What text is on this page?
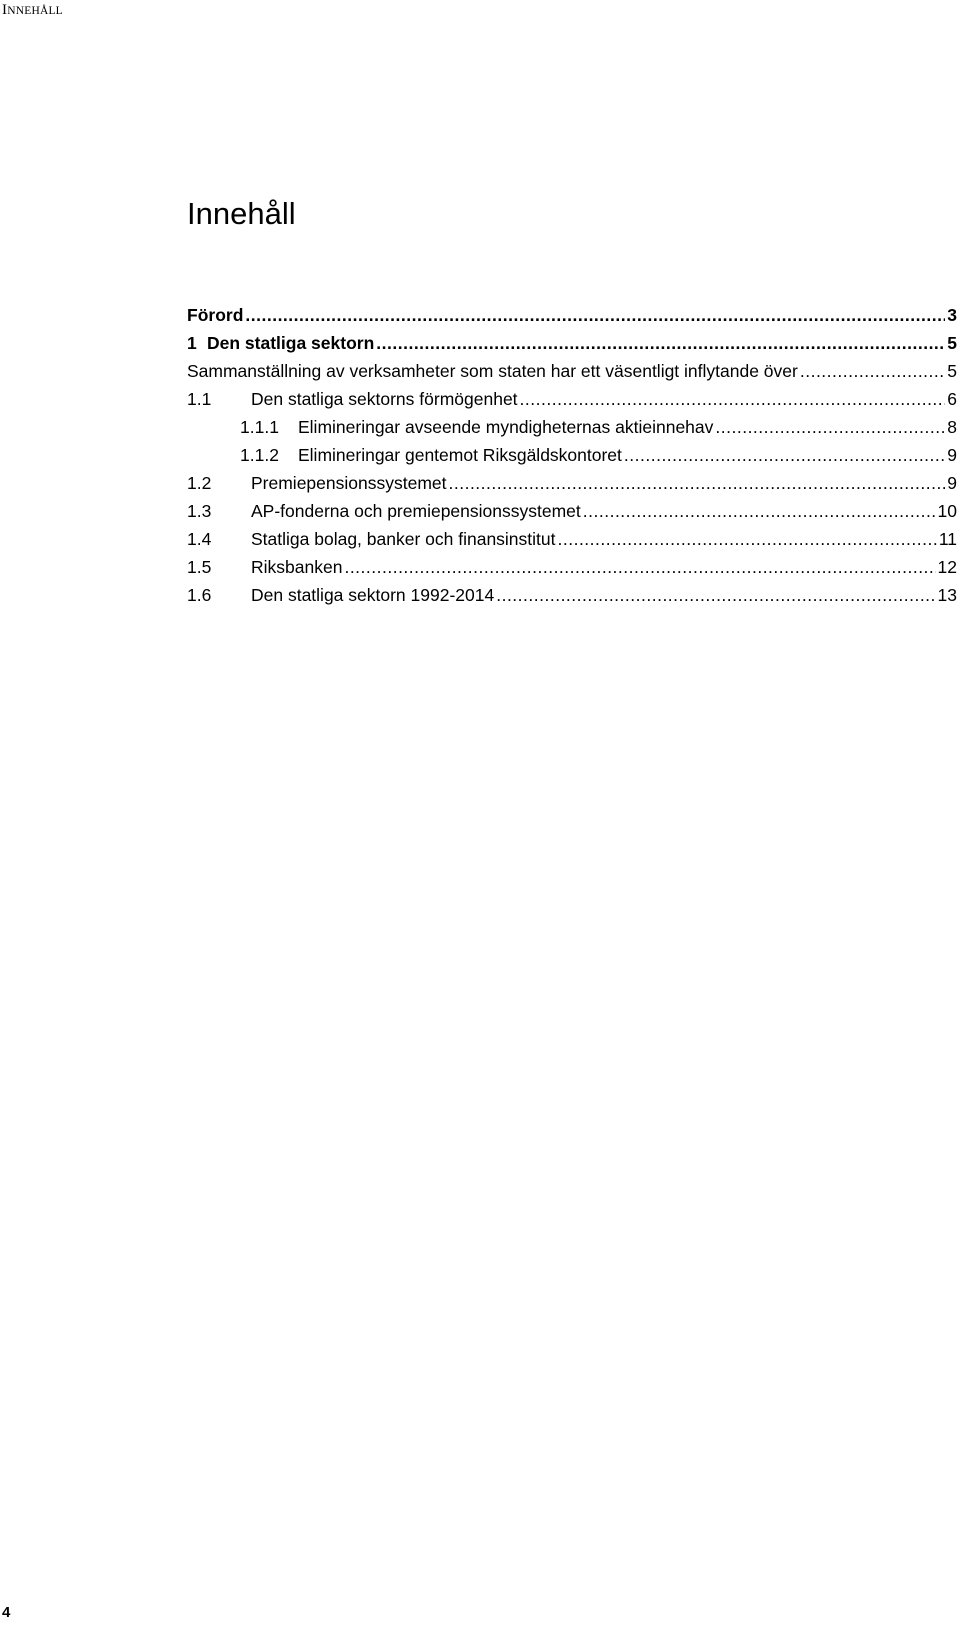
INNEHÅLL
Innehåll
Förord .....	3
1 Den statliga sektorn .....	5
Sammanställning av verksamheter som staten har ett väsentligt inflytande över .....	5
1.1	Den statliga sektorns förmögenhet .....	6
1.1.1	Elimineringar avseende myndigheternas aktieinnehav .....	8
1.1.2	Elimineringar gentemot Riksgäldskontoret .....	9
1.2	Premiepensionssystemet .....	9
1.3	AP-fonderna och premiepensionssystemet .....	10
1.4	Statliga bolag, banker och finansinstitut .....	11
1.5	Riksbanken .....	12
1.6	Den statliga sektorn 1992-2014 .....	13
4
